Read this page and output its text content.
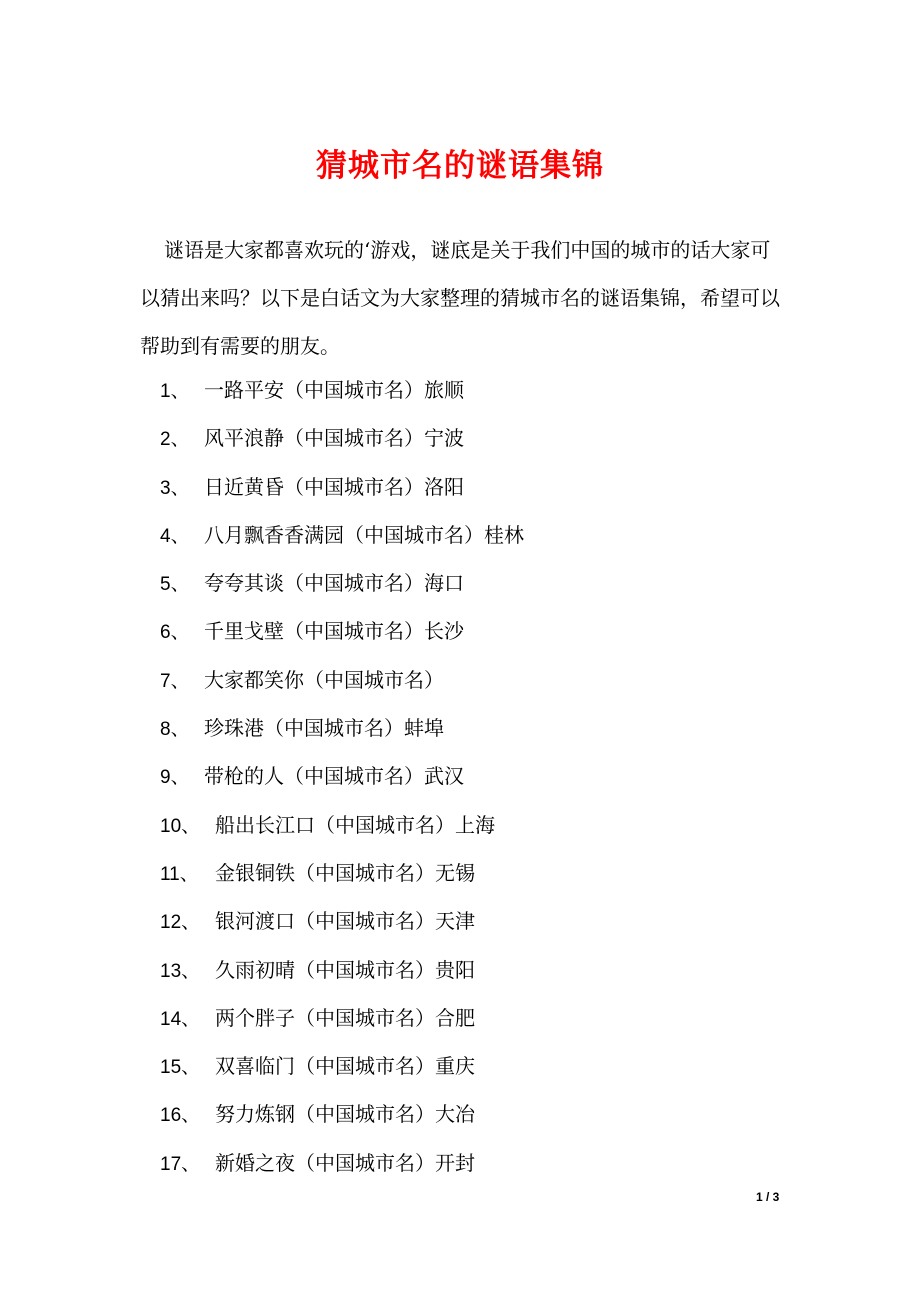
猜城市名的谜语集锦

谜语是大家都喜欢玩的‘游戏，谜底是关于我们中国的城市的话大家可以猜出来吗？以下是白话文为大家整理的猜城市名的谜语集锦，希望可以帮助到有需要的朋友。

1、 一路平安（中国城市名）旅顺
2、 风平浪静（中国城市名）宁波
3、 日近黄昏（中国城市名）洛阳
4、 八月飘香香满园（中国城市名）桂林
5、 夸夸其谈（中国城市名）海口
6、 千里戈壁（中国城市名）长沙
7、 大家都笑你（中国城市名）
8、 珍珠港（中国城市名）蚌埠
9、 带枪的人（中国城市名）武汉
10、 船出长江口（中国城市名）上海
11、 金银铜铁（中国城市名）无锡
12、 银河渡口（中国城市名）天津
13、 久雨初晴（中国城市名）贵阳
14、 两个胖子（中国城市名）合肥
15、 双喜临门（中国城市名）重庆
16、 努力炼钢（中国城市名）大冶
17、 新婚之夜（中国城市名）开封
1 / 3
